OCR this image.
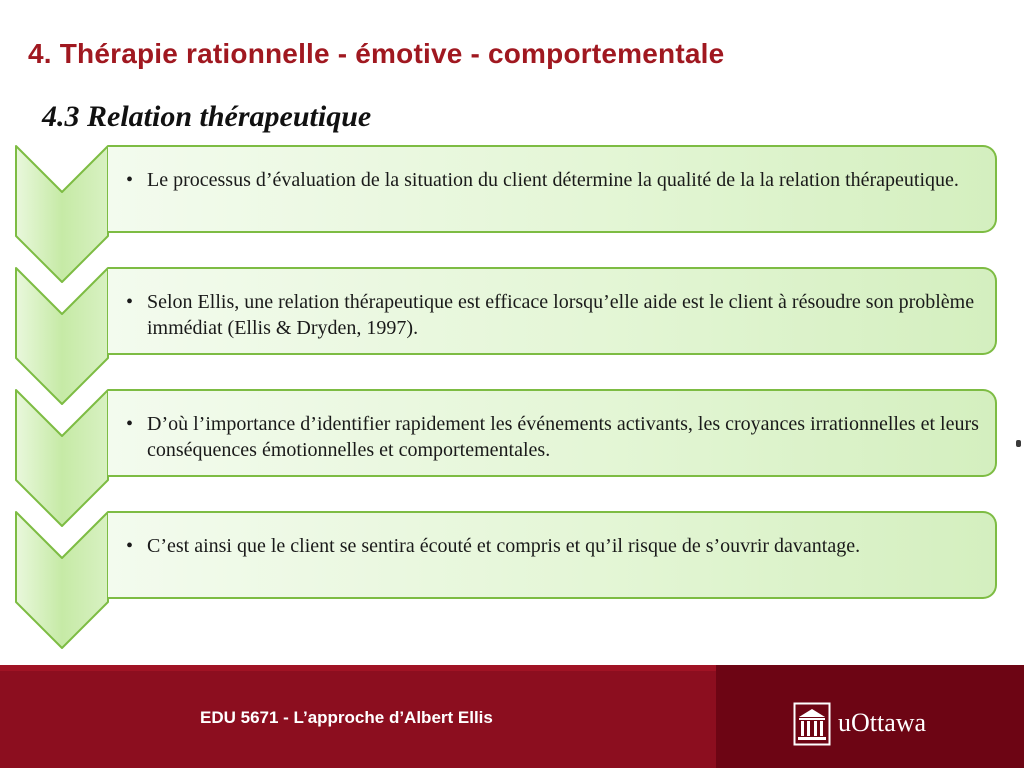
4. Thérapie rationnelle - émotive - comportementale
4.3 Relation thérapeutique
• Le processus d’évaluation de la situation du client détermine la qualité de la la relation thérapeutique.
• Selon Ellis, une relation thérapeutique est efficace lorsqu’elle aide est le client à résoudre son problème immédiat (Ellis & Dryden, 1997).
• D’où l’importance d’identifier rapidement les événements activants, les croyances irrationnelles et leurs conséquences émotionnelles et comportementales.
• C’est ainsi que le client se sentira écouté et compris et qu’il risque de s’ouvrir davantage.
EDU 5671 - L’approche d’Albert Ellis	uOttawa
